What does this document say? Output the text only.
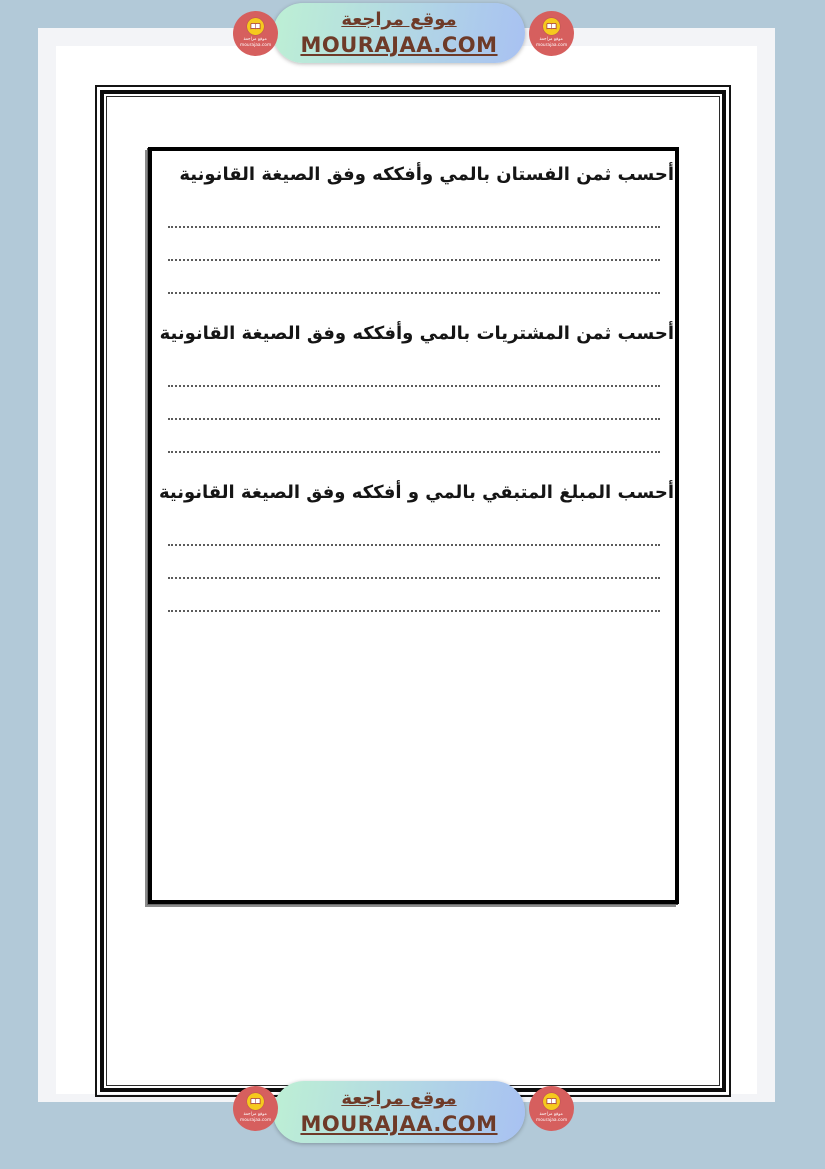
أحسب ثمن الفستان بالمي وأفككه وفق الصيغة القانونية
أحسب ثمن المشتريات بالمي وأفككه وفق الصيغة القانونية
أحسب المبلغ المتبقي بالمي و أفككه وفق الصيغة القانونية
موقع مراجعة
MOURAJAA.COM
موقع مراجعة
MOURAJAA.COM
موقع مراجعة
mourajaa.com
موقع مراجعة
mourajaa.com
موقع مراجعة
mourajaa.com
موقع مراجعة
mourajaa.com
